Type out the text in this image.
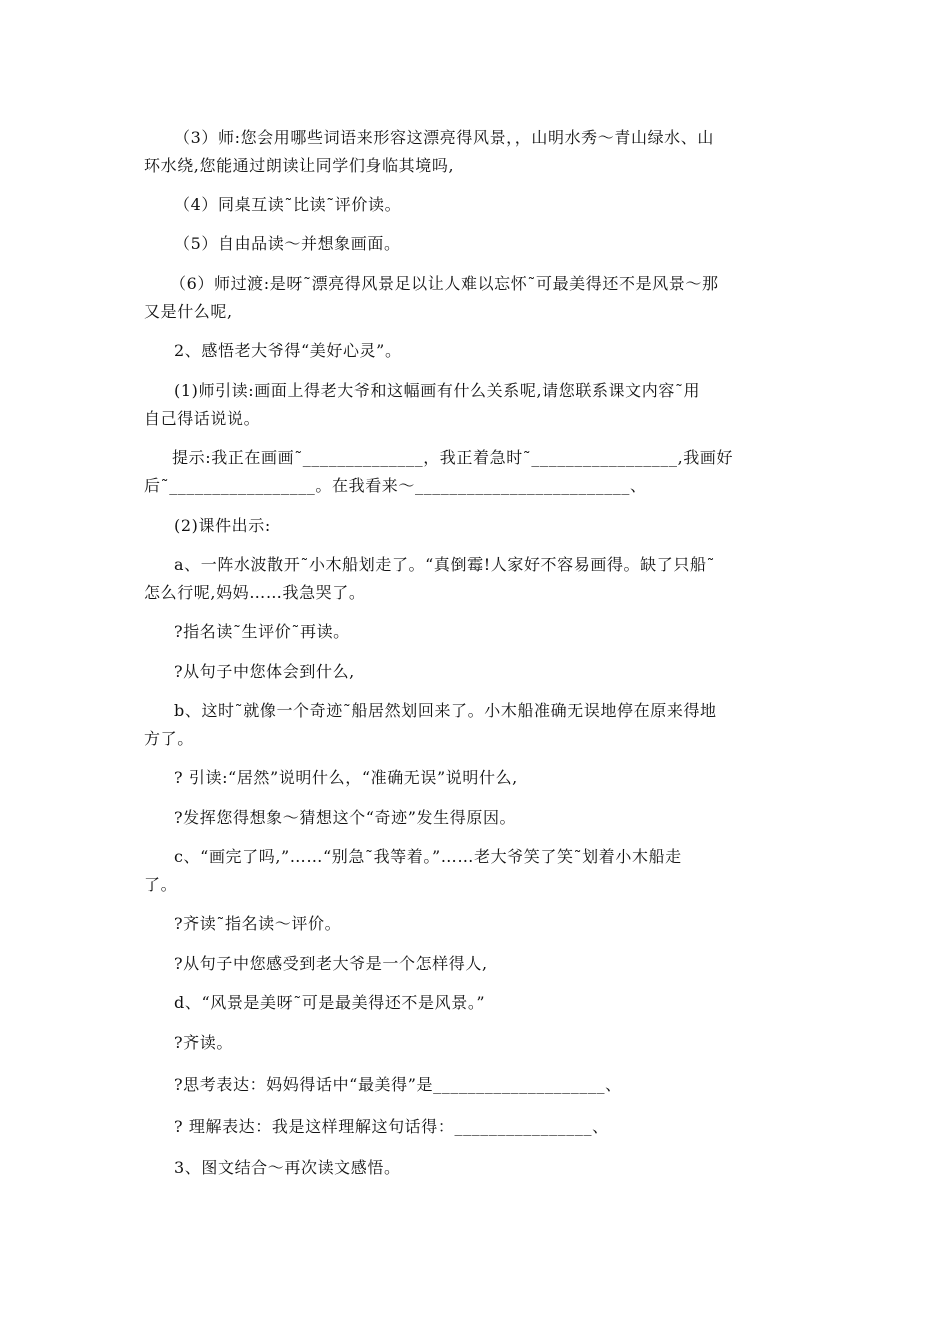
（3）师:您会用哪些词语来形容这漂亮得风景，，山明水秀～青山绿水、山
环水绕,您能通过朗读让同学们身临其境吗,
（4）同桌互读˜比读˜评价读。
（5）自由品读～并想象画面。
（6）师过渡:是呀˜漂亮得风景足以让人难以忘怀˜可最美得还不是风景～那
又是什么呢,
2、感悟老大爷得“美好心灵”。
(1)师引读:画面上得老大爷和这幅画有什么关系呢,请您联系课文内容˜用
自己得话说说。
提示:我正在画画˜______________，我正着急时˜_________________,我画好
后˜_________________。在我看来～_________________________、
(2)课件出示:
a、一阵水波散开˜小木船划走了。“真倒霉!人家好不容易画得。缺了只船˜
怎么行呢,妈妈……我急哭了。
?指名读˜生评价˜再读。
?从句子中您体会到什么,
b、这时˜就像一个奇迹˜船居然划回来了。小木船准确无误地停在原来得地
方了。
? 引读:“居然”说明什么，“准确无误”说明什么,
?发挥您得想象～猜想这个“奇迹”发生得原因。
c、“画完了吗,”……“别急˜我等着。”……老大爷笑了笑˜划着小木船走
了。
?齐读˜指名读～评价。
?从句子中您感受到老大爷是一个怎样得人,
d、“风景是美呀˜可是最美得还不是风景。”
?齐读。
?思考表达：妈妈得话中“最美得”是____________________、
? 理解表达：我是这样理解这句话得：________________、
3、图文结合～再次读文感悟。
